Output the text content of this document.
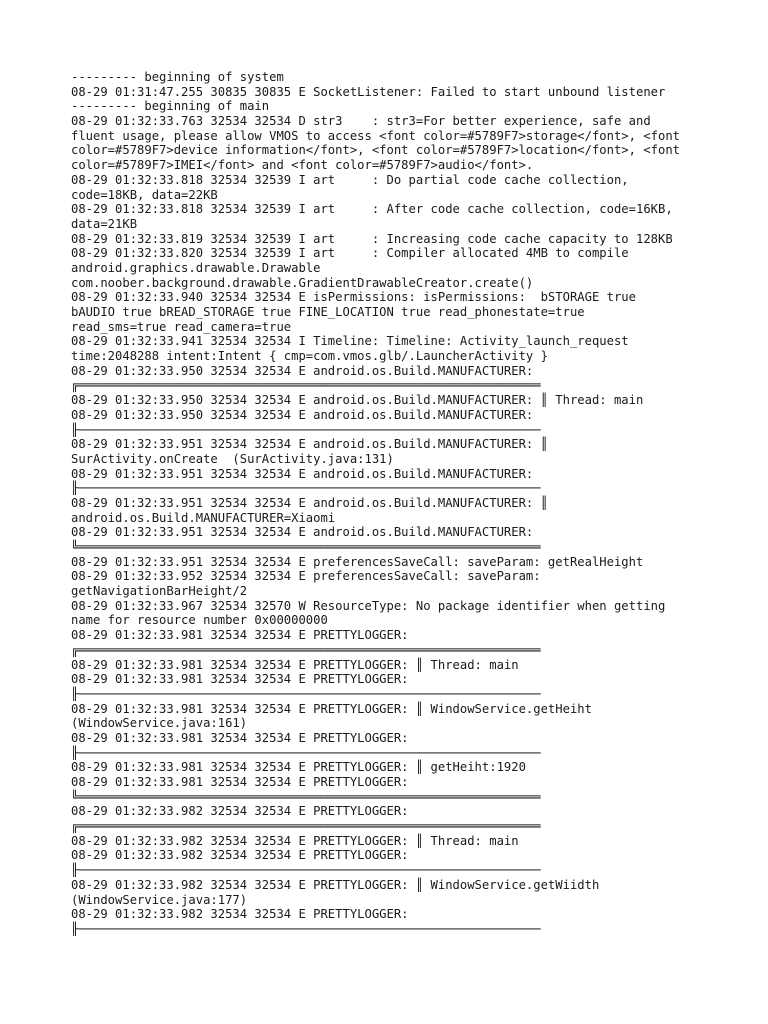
--------- beginning of system
08-29 01:31:47.255 30835 30835 E SocketListener: Failed to start unbound listener
--------- beginning of main
08-29 01:32:33.763 32534 32534 D str3    : str3=For better experience, safe and
fluent usage, please allow VMOS to access <font color=#5789F7>storage</font>, <font
color=#5789F7>device information</font>, <font color=#5789F7>location</font>, <font
color=#5789F7>IMEI</font> and <font color=#5789F7>audio</font>.
08-29 01:32:33.818 32534 32539 I art     : Do partial code cache collection,
code=18KB, data=22KB
08-29 01:32:33.818 32534 32539 I art     : After code cache collection, code=16KB,
data=21KB
08-29 01:32:33.819 32534 32539 I art     : Increasing code cache capacity to 128KB
08-29 01:32:33.820 32534 32539 I art     : Compiler allocated 4MB to compile
android.graphics.drawable.Drawable
com.noober.background.drawable.GradientDrawableCreator.create()
08-29 01:32:33.940 32534 32534 E isPermissions: isPermissions:  bSTORAGE true
bAUDIO true bREAD_STORAGE true FINE_LOCATION true read_phonestate=true
read_sms=true read_camera=true
08-29 01:32:33.941 32534 32534 I Timeline: Timeline: Activity_launch_request
time:2048288 intent:Intent { cmp=com.vmos.glb/.LauncherActivity }
08-29 01:32:33.950 32534 32534 E android.os.Build.MANUFACTURER:
╔═══════════════════════════════════════════════════════════════
08-29 01:32:33.950 32534 32534 E android.os.Build.MANUFACTURER: ║ Thread: main
08-29 01:32:33.950 32534 32534 E android.os.Build.MANUFACTURER:
╟───────────────────────────────────────────────────────────────
08-29 01:32:33.951 32534 32534 E android.os.Build.MANUFACTURER: ║
SurActivity.onCreate  (SurActivity.java:131)
08-29 01:32:33.951 32534 32534 E android.os.Build.MANUFACTURER:
╟───────────────────────────────────────────────────────────────
08-29 01:32:33.951 32534 32534 E android.os.Build.MANUFACTURER: ║
android.os.Build.MANUFACTURER=Xiaomi
08-29 01:32:33.951 32534 32534 E android.os.Build.MANUFACTURER:
╚═══════════════════════════════════════════════════════════════
08-29 01:32:33.951 32534 32534 E preferencesSaveCall: saveParam: getRealHeight
08-29 01:32:33.952 32534 32534 E preferencesSaveCall: saveParam:
getNavigationBarHeight/2
08-29 01:32:33.967 32534 32570 W ResourceType: No package identifier when getting
name for resource number 0x00000000
08-29 01:32:33.981 32534 32534 E PRETTYLOGGER:
╔═══════════════════════════════════════════════════════════════
08-29 01:32:33.981 32534 32534 E PRETTYLOGGER: ║ Thread: main
08-29 01:32:33.981 32534 32534 E PRETTYLOGGER:
╟───────────────────────────────────────────────────────────────
08-29 01:32:33.981 32534 32534 E PRETTYLOGGER: ║ WindowService.getHeiht
(WindowService.java:161)
08-29 01:32:33.981 32534 32534 E PRETTYLOGGER:
╟───────────────────────────────────────────────────────────────
08-29 01:32:33.981 32534 32534 E PRETTYLOGGER: ║ getHeiht:1920
08-29 01:32:33.981 32534 32534 E PRETTYLOGGER:
╚═══════════════════════════════════════════════════════════════
08-29 01:32:33.982 32534 32534 E PRETTYLOGGER:
╔═══════════════════════════════════════════════════════════════
08-29 01:32:33.982 32534 32534 E PRETTYLOGGER: ║ Thread: main
08-29 01:32:33.982 32534 32534 E PRETTYLOGGER:
╟───────────────────────────────────────────────────────────────
08-29 01:32:33.982 32534 32534 E PRETTYLOGGER: ║ WindowService.getWiidth
(WindowService.java:177)
08-29 01:32:33.982 32534 32534 E PRETTYLOGGER:
╟───────────────────────────────────────────────────────────────
